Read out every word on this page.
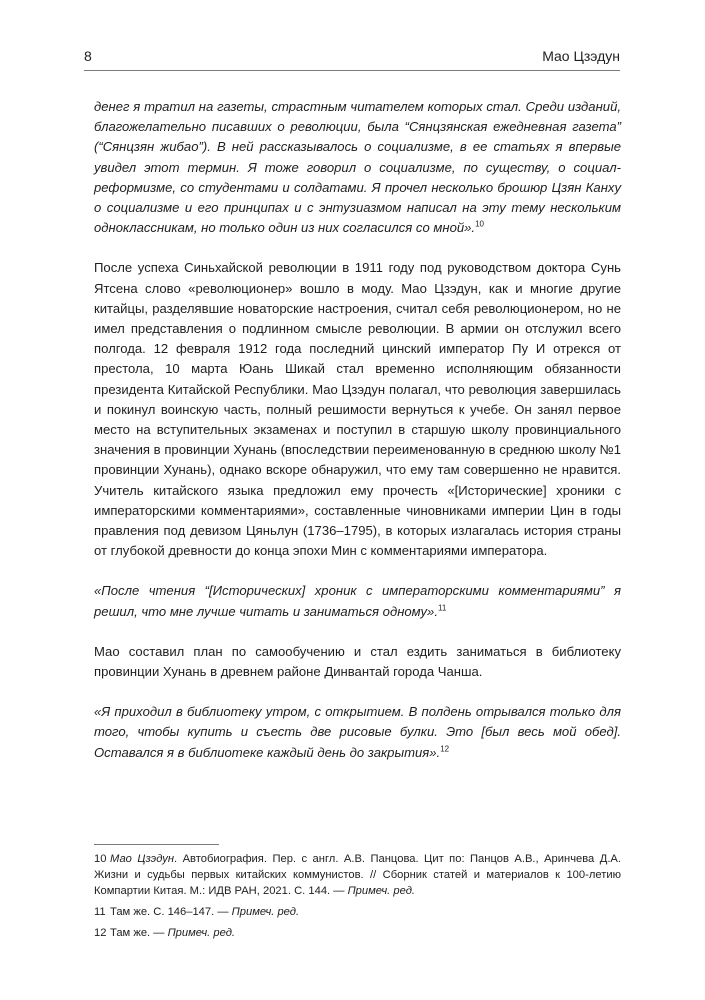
8	Мао Цзэдун

денег я тратил на газеты, страстным читателем которых стал. Среди изданий, благожелательно писавших о революции, была “Сянцзянская ежедневная газета” (“Сянцзян жибао”). В ней рассказывалось о социализме, в ее статьях я впервые увидел этот термин. Я тоже говорил о социализме, по существу, о социал-реформизме, со студентами и солдатами. Я прочел несколько брошюр Цзян Канху о социализме и его принципах и с энтузиазмом написал на эту тему нескольким одноклассникам, но только один из них согласился со мной».$^{10}$

После успеха Синьхайской революции в 1911 году под руководством доктора Сунь Ятсена слово «революционер» вошло в моду. Мао Цзэдун, как и многие другие китайцы, разделявшие новаторские настроения, считал себя революционером, но не имел представления о подлинном смысле революции. В армии он отслужил всего полгода. 12 февраля 1912 года последний цинский император Пу И отрекся от престола, 10 марта Юань Шикай стал временно исполняющим обязанности президента Китайской Республики. Мао Цзэдун полагал, что революция завершилась и покинул воинскую часть, полный решимости вернуться к учебе. Он занял первое место на вступительных экзаменах и поступил в старшую школу провинциального значения в провинции Хунань (впоследствии переименованную в среднюю школу №1 провинции Хунань), однако вскоре обнаружил, что ему там совершенно не нравится. Учитель китайского языка предложил ему прочесть «[Исторические] хроники с императорскими комментариями», составленные чиновниками империи Цин в годы правления под девизом Цяньлун (1736–1795), в которых излагалась история страны от глубокой древности до конца эпохи Мин с комментариями императора.

«После чтения “[Исторических] хроник с императорскими комментариями” я решил, что мне лучше читать и заниматься одному».$^{11}$

Мао составил план по самообучению и стал ездить заниматься в библиотеку провинции Хунань в древнем районе Динвантай города Чанша.

«Я приходил в библиотеку утром, с открытием. В полдень отрывался только для того, чтобы купить и съесть две рисовые булки. Это [был весь мой обед]. Оставался я в библиотеке каждый день до закрытия».$^{12}$

10 Мао Цзэдун. Автобиография. Пер. с англ. А.В. Панцова. Цит по: Панцов А.В., Аринчева Д.А. Жизни и судьбы первых китайских коммунистов. // Сборник статей и материалов к 100-летию Компартии Китая. М.: ИДВ РАН, 2021. С. 144. — Примеч. ред.

11 Там же. С. 146–147. — Примеч. ред.

12 Там же. — Примеч. ред.
